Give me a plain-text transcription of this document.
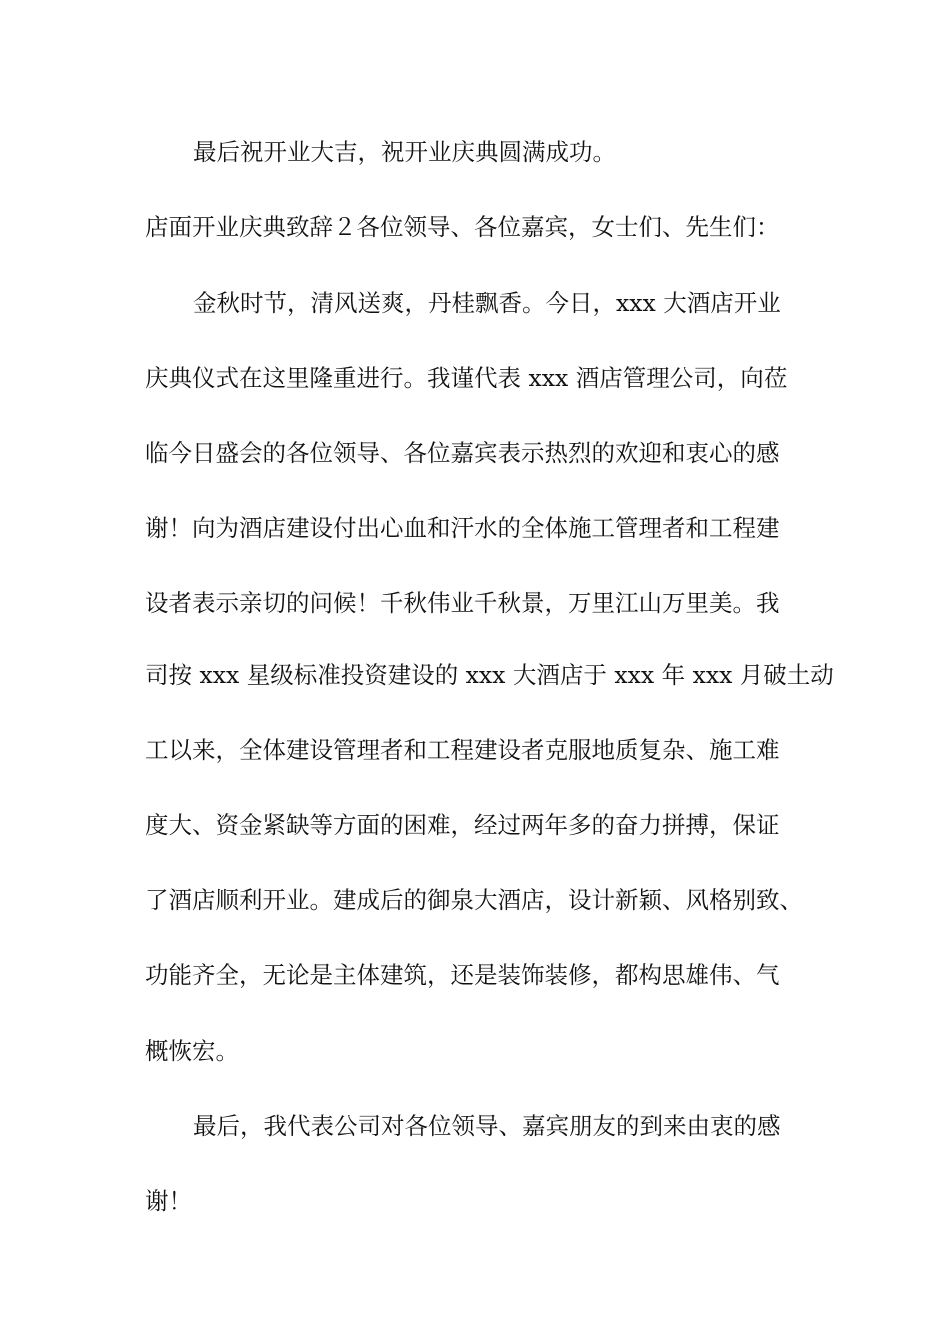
最后祝开业大吉，祝开业庆典圆满成功。
店面开业庆典致辞２各位领导、各位嘉宾，女士们、先生们：
金秋时节，清风送爽，丹桂飘香。今日，xxx 大酒店开业
庆典仪式在这里隆重进行。我谨代表 xxx 酒店管理公司，向莅
临今日盛会的各位领导、各位嘉宾表示热烈的欢迎和衷心的感
谢！向为酒店建设付出心血和汗水的全体施工管理者和工程建
设者表示亲切的问候！千秋伟业千秋景，万里江山万里美。我
司按 xxx 星级标准投资建设的 xxx 大酒店于 xxx 年 xxx 月破土动
工以来，全体建设管理者和工程建设者克服地质复杂、施工难
度大、资金紧缺等方面的困难，经过两年多的奋力拼搏，保证
了酒店顺利开业。建成后的御泉大酒店，设计新颖、风格别致、
功能齐全，无论是主体建筑，还是装饰装修，都构思雄伟、气
概恢宏。
最后，我代表公司对各位领导、嘉宾朋友的到来由衷的感
谢！
